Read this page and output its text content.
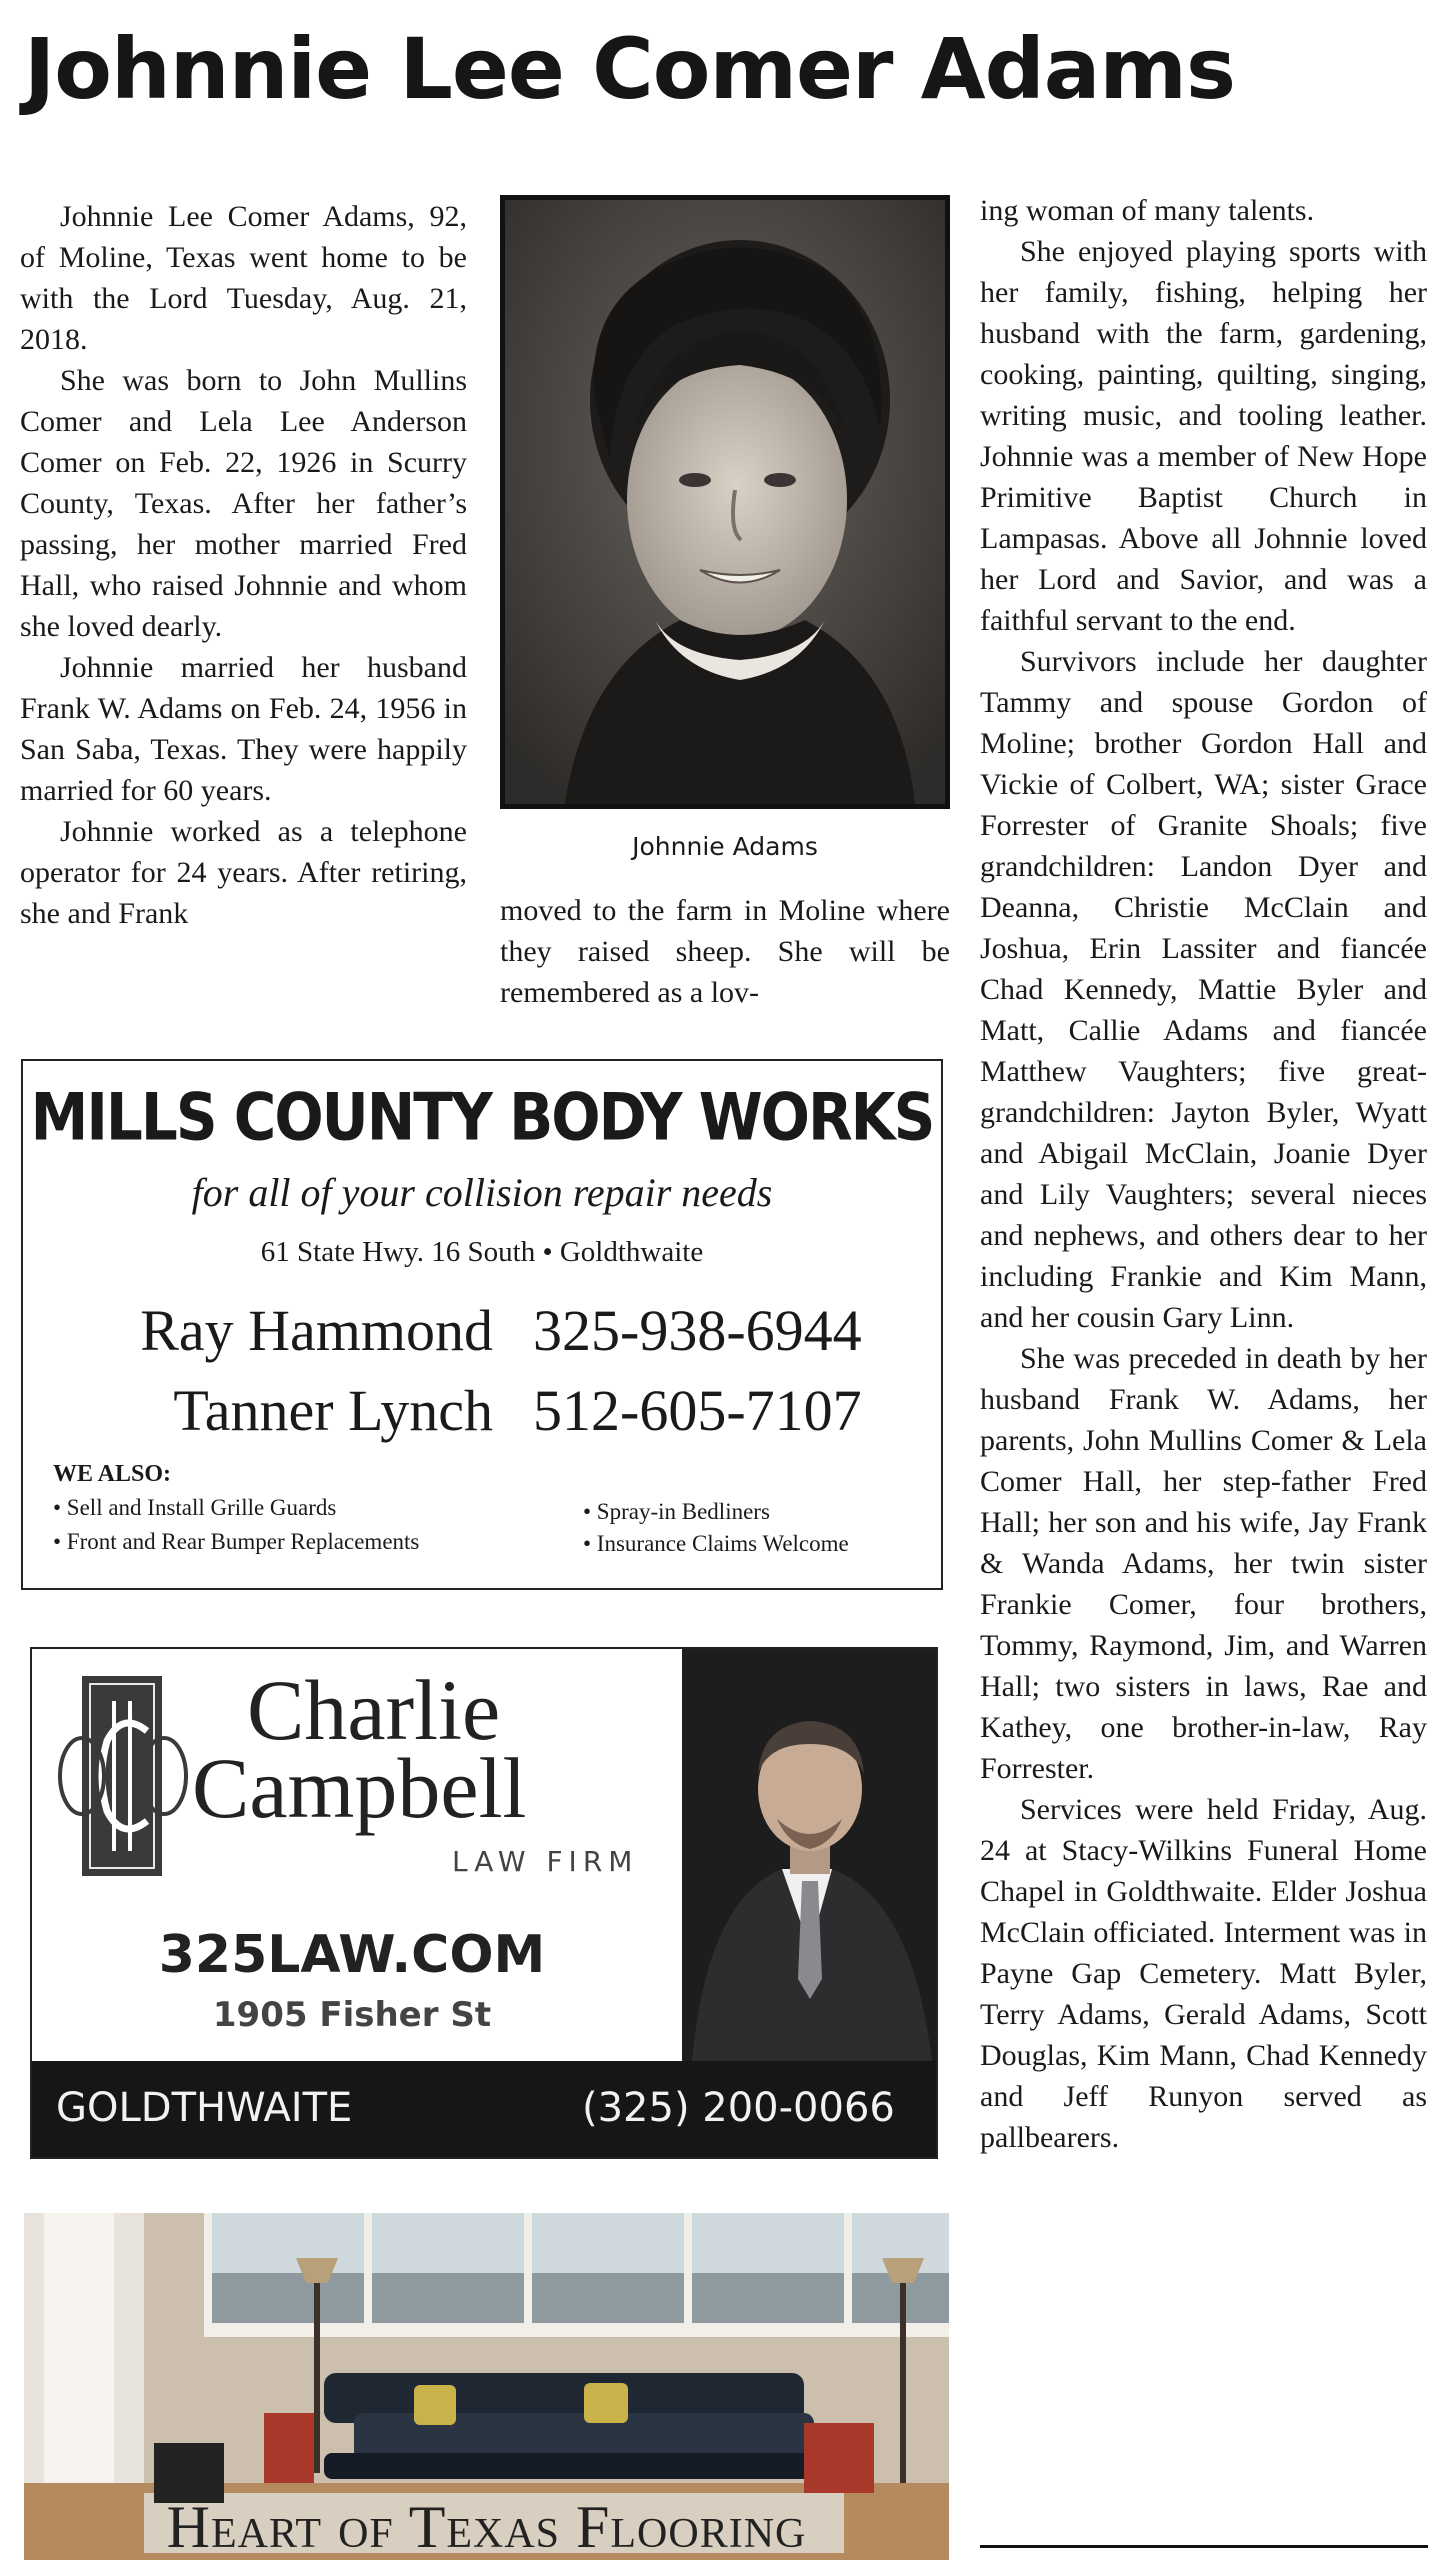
Johnnie Lee Comer Adams

Johnnie Lee Comer Adams, 92, of Moline, Texas went home to be with the Lord Tuesday, Aug. 21, 2018.

She was born to John Mullins Comer and Lela Lee Anderson Comer on Feb. 22, 1926 in Scurry County, Texas. After her father’s passing, her mother married Fred Hall, who raised Johnnie and whom she loved dearly.

Johnnie married her husband Frank W. Adams on Feb. 24, 1956 in San Saba, Texas. They were happily married for 60 years.

Johnnie worked as a telephone operator for 24 years. After retiring, she and Frank

Johnnie Adams

moved to the farm in Moline where they raised sheep. She will be remembered as a lov-

ing woman of many talents.

She enjoyed playing sports with her family, fishing, helping her husband with the farm, gardening, cooking, painting, quilting, singing, writing music, and tooling leather. Johnnie was a member of New Hope Primitive Baptist Church in Lampasas. Above all Johnnie loved her Lord and Savior, and was a faithful servant to the end.

Survivors include her daughter Tammy and spouse Gordon of Moline; brother Gordon Hall and Vickie of Colbert, WA; sister Grace Forrester of Granite Shoals; five grandchildren: Landon Dyer and Deanna, Christie McClain and Joshua, Erin Lassiter and fiancée Chad Kennedy, Mattie Byler and Matt, Callie Adams and fiancée Matthew Vaughters; five great-grandchildren: Jayton Byler, Wyatt and Abigail McClain, Joanie Dyer and Lily Vaughters; several nieces and nephews, and others dear to her including Frankie and Kim Mann, and her cousin Gary Linn.

She was preceded in death by her husband Frank W. Adams, her parents, John Mullins Comer & Lela Comer Hall, her step-father Fred Hall; her son and his wife, Jay Frank & Wanda Adams, her twin sister Frankie Comer, four brothers, Tommy, Raymond, Jim, and Warren Hall; two sisters in laws, Rae and Kathey, one brother-in-law, Ray Forrester.

Services were held Friday, Aug. 24 at Stacy-Wilkins Funeral Home Chapel in Goldthwaite. Elder Joshua McClain officiated. Interment was in Payne Gap Cemetery. Matt Byler, Terry Adams, Gerald Adams, Scott Douglas, Kim Mann, Chad Kennedy and Jeff Runyon served as pallbearers.

MILLS COUNTY BODY WORKS
for all of your collision repair needs
61 State Hwy. 16 South • Goldthwaite
Ray Hammond 325-938-6944
Tanner Lynch 512-605-7107
WE ALSO:
• Sell and Install Grille Guards
• Front and Rear Bumper Replacements
• Spray-in Bedliners
• Insurance Claims Welcome
Charlie
Campbell
LAW FIRM
325LAW.COM
1905 Fisher St
GOLDTHWAITE	(325) 200-0066
Heart of Texas Flooring
